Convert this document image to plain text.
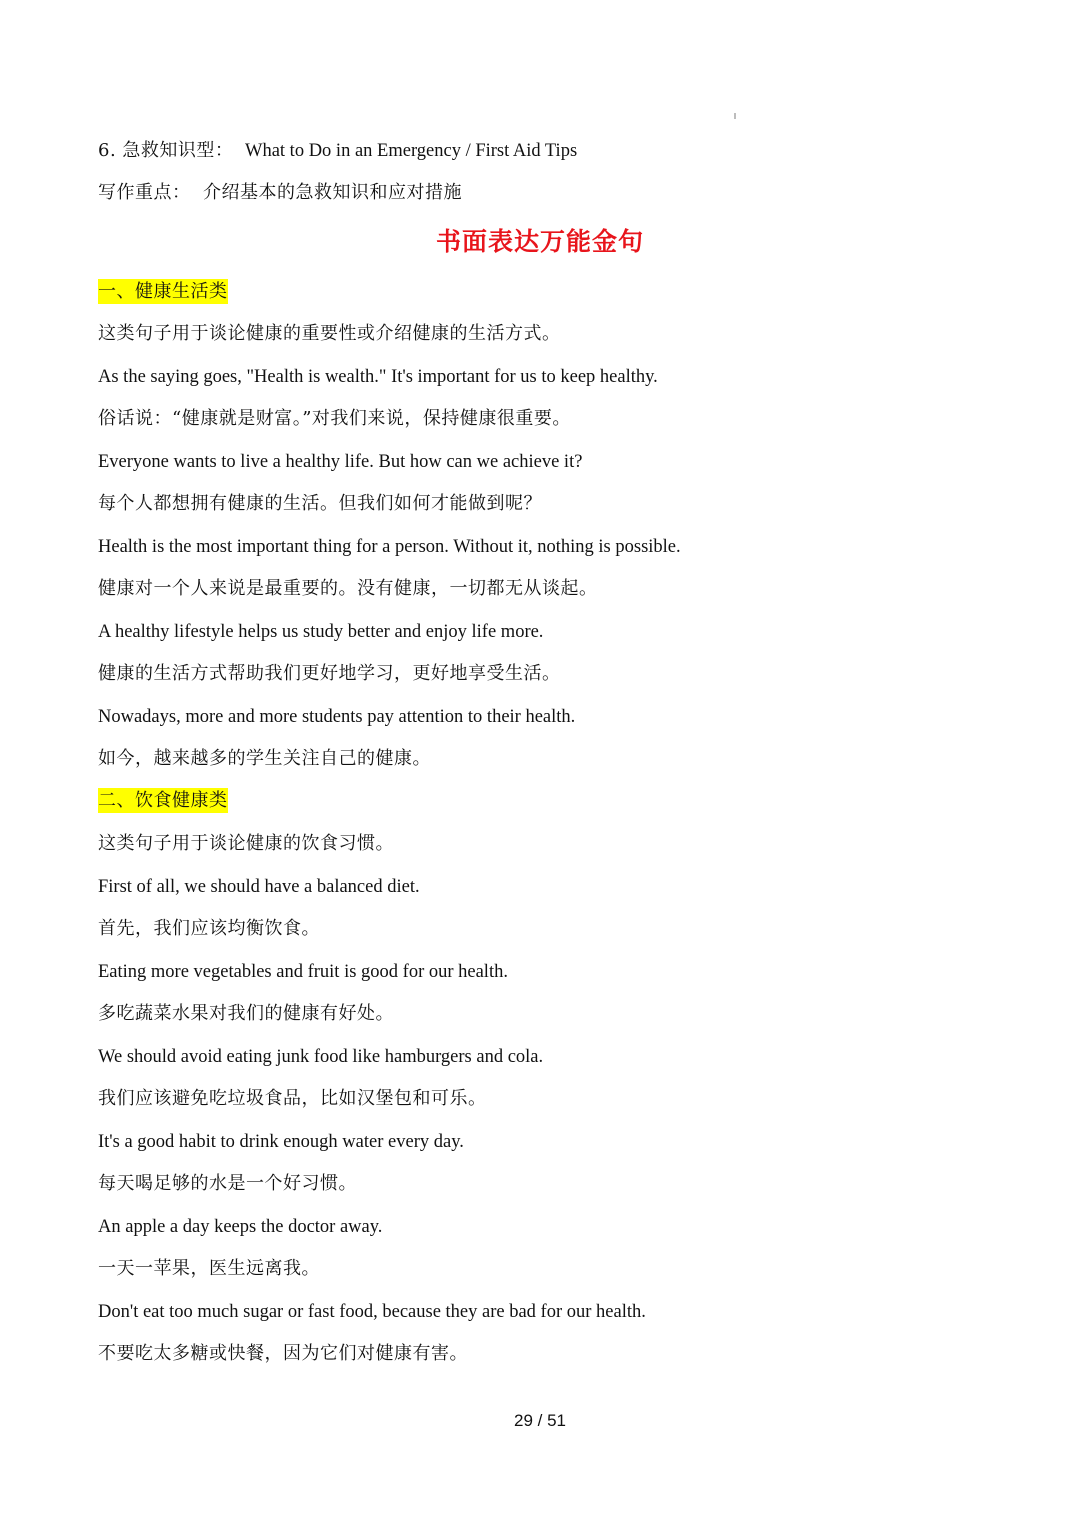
6. 急救知识型： What to Do in an Emergency / First Aid Tips
写作重点： 介绍基本的急救知识和应对措施
书面表达万能金句
一、健康生活类
这类句子用于谈论健康的重要性或介绍健康的生活方式。
As the saying goes, "Health is wealth." It's important for us to keep healthy.
俗话说：“健康就是财富。”对我们来说，保持健康很重要。
Everyone wants to live a healthy life. But how can we achieve it?
每个人都想拥有健康的生活。但我们如何才能做到呢？
Health is the most important thing for a person. Without it, nothing is possible.
健康对一个人来说是最重要的。没有健康，一切都无从谈起。
A healthy lifestyle helps us study better and enjoy life more.
健康的生活方式帮助我们更好地学习，更好地享受生活。
Nowadays, more and more students pay attention to their health.
如今，越来越多的学生关注自己的健康。
二、饮食健康类
这类句子用于谈论健康的饮食习惯。
First of all, we should have a balanced diet.
首先，我们应该均衡饮食。
Eating more vegetables and fruit is good for our health.
多吃蔬菜水果对我们的健康有好处。
We should avoid eating junk food like hamburgers and cola.
我们应该避免吃垃圾食品，比如汉堡包和可乐。
It's a good habit to drink enough water every day.
每天喝足够的水是一个好习惯。
An apple a day keeps the doctor away.
一天一苹果，医生远离我。
Don't eat too much sugar or fast food, because they are bad for our health.
不要吃太多糖或快餐，因为它们对健康有害。
29 / 51
